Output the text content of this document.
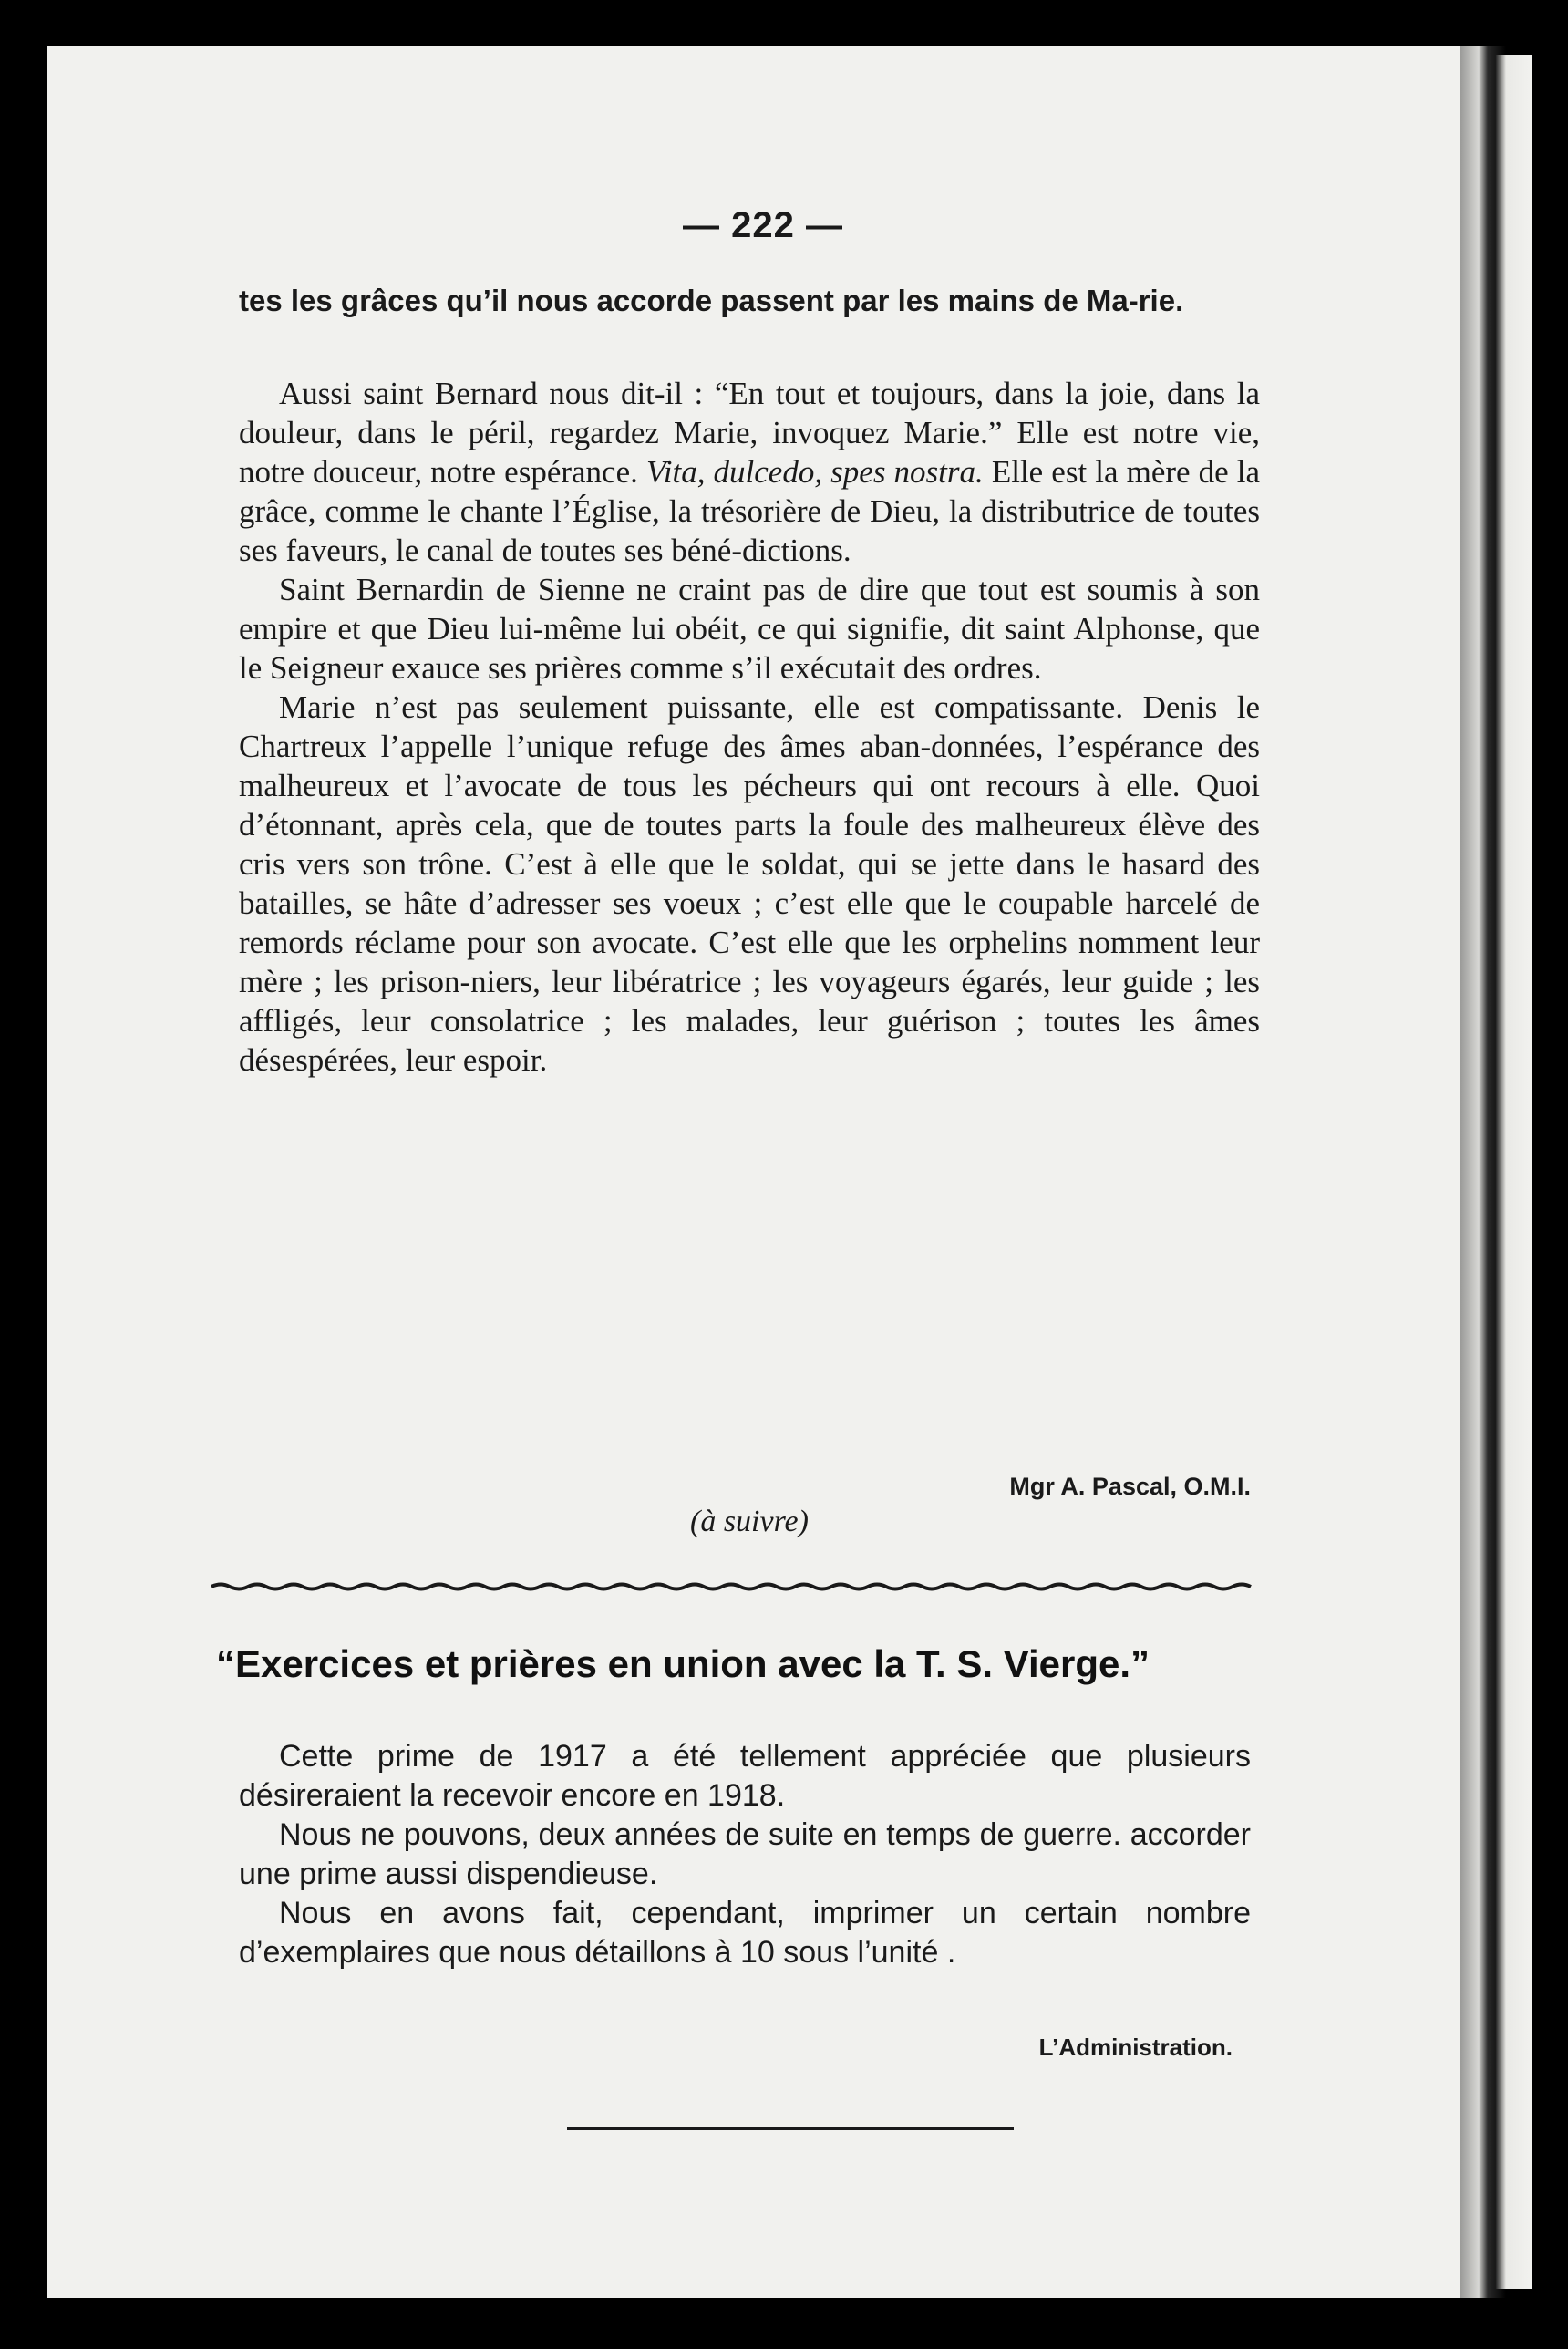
— 222 —

tes les grâces qu’il nous accorde passent par les mains de Ma-rie.

Aussi saint Bernard nous dit-il : “En tout et toujours, dans la joie, dans la douleur, dans le péril, regardez Marie, invoquez Marie.” Elle est notre vie, notre douceur, notre espérance. Vita, dulcedo, spes nostra. Elle est la mère de la grâce, comme le chante l’Église, la trésorière de Dieu, la distributrice de toutes ses faveurs, le canal de toutes ses béné-dictions.

Saint Bernardin de Sienne ne craint pas de dire que tout est soumis à son empire et que Dieu lui-même lui obéit, ce qui signifie, dit saint Alphonse, que le Seigneur exauce ses prières comme s’il exécutait des ordres.

Marie n’est pas seulement puissante, elle est compatissante. Denis le Chartreux l’appelle l’unique refuge des âmes aban-données, l’espérance des malheureux et l’avocate de tous les pécheurs qui ont recours à elle. Quoi d’étonnant, après cela, que de toutes parts la foule des malheureux élève des cris vers son trône. C’est à elle que le soldat, qui se jette dans le hasard des batailles, se hâte d’adresser ses voeux ; c’est elle que le coupable harcelé de remords réclame pour son avocate. C’est elle que les orphelins nomment leur mère ; les prison-niers, leur libératrice ; les voyageurs égarés, leur guide ; les affligés, leur consolatrice ; les malades, leur guérison ; toutes les âmes désespérées, leur espoir.

Mgr A. Pascal, O.M.I.
(à suivre)
“Exercices et prières en union avec la T. S. Vierge.”

Cette prime de 1917 a été tellement appréciée que plusieurs désireraient la recevoir encore en 1918.

Nous ne pouvons, deux années de suite en temps de guerre. accorder une prime aussi dispendieuse.

Nous en avons fait, cependant, imprimer un certain nombre d’exemplaires que nous détaillons à 10 sous l’unité .

L’Administration.
